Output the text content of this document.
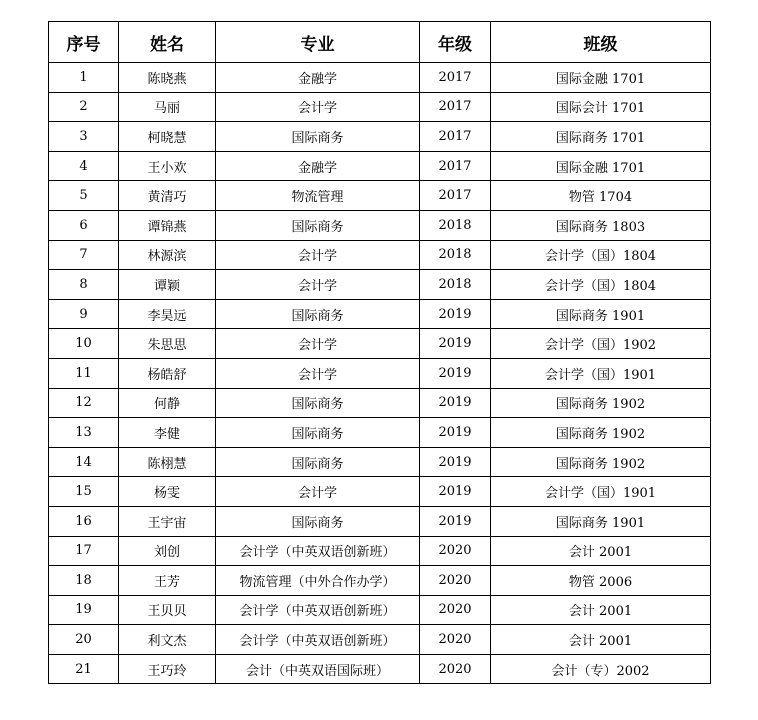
序号	姓名	专业	年级	班级
1	陈晓燕	金融学	2017	国际金融 1701
2	马丽	会计学	2017	国际会计 1701
3	柯晓慧	国际商务	2017	国际商务 1701
4	王小欢	金融学	2017	国际金融 1701
5	黄清巧	物流管理	2017	物管 1704
6	谭锦燕	国际商务	2018	国际商务 1803
7	林源滨	会计学	2018	会计学（国）1804
8	谭颖	会计学	2018	会计学（国）1804
9	李昊远	国际商务	2019	国际商务 1901
10	朱思思	会计学	2019	会计学（国）1902
11	杨皓舒	会计学	2019	会计学（国）1901
12	何静	国际商务	2019	国际商务 1902
13	李健	国际商务	2019	国际商务 1902
14	陈栩慧	国际商务	2019	国际商务 1902
15	杨雯	会计学	2019	会计学（国）1901
16	王宇宙	国际商务	2019	国际商务 1901
17	刘创	会计学（中英双语创新班）	2020	会计 2001
18	王芳	物流管理（中外合作办学）	2020	物管 2006
19	王贝贝	会计学（中英双语创新班）	2020	会计 2001
20	利文杰	会计学（中英双语创新班）	2020	会计 2001
21	王巧玲	会计（中英双语国际班）	2020	会计（专）2002
